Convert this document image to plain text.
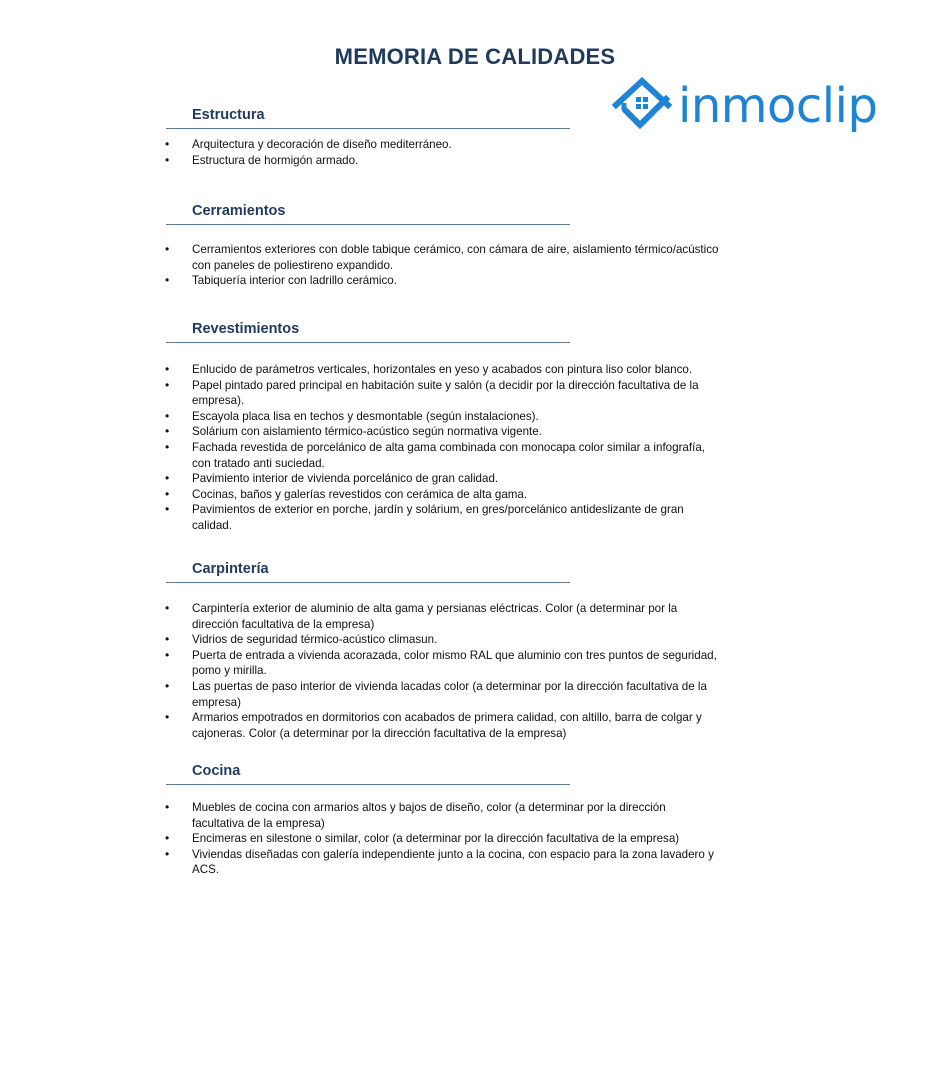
MEMORIA DE CALIDADES
inmoclip
Estructura
• Arquitectura y decoración de diseño mediterráneo.
• Estructura de hormigón armado.
Cerramientos
• Cerramientos exteriores con doble tabique cerámico, con cámara de aire, aislamiento térmico/acústico con paneles de poliestireno expandido.
• Tabiquería interior con ladrillo cerámico.
Revestimientos
• Enlucido de parámetros verticales, horizontales en yeso y acabados con pintura liso color blanco.
• Papel pintado pared principal en habitación suite y salón (a decidir por la dirección facultativa de la empresa).
• Escayola placa lisa en techos y desmontable (según instalaciones).
• Solárium con aislamiento térmico-acústico según normativa vigente.
• Fachada revestida de porcelánico de alta gama combinada con monocapa color similar a infografía, con tratado anti suciedad.
• Pavimiento interior de vivienda porcelánico de gran calidad.
• Cocinas, baños y galerías revestidos con cerámica de alta gama.
• Pavimientos de exterior en porche, jardín y solárium, en gres/porcelánico antideslizante de gran calidad.
Carpintería
• Carpintería exterior de aluminio de alta gama y persianas eléctricas. Color (a determinar por la dirección facultativa de la empresa)
• Vidrios de seguridad térmico-acústico climasun.
• Puerta de entrada a vivienda acorazada, color mismo RAL que aluminio con tres puntos de seguridad, pomo y mirilla.
• Las puertas de paso interior de vivienda lacadas color (a determinar por la dirección facultativa de la empresa)
• Armarios empotrados en dormitorios con acabados de primera calidad, con altillo, barra de colgar y cajoneras. Color (a determinar por la dirección facultativa de la empresa)
Cocina
• Muebles de cocina con armarios altos y bajos de diseño, color (a determinar por la dirección facultativa de la empresa)
• Encimeras en silestone o similar, color (a determinar por la dirección facultativa de la empresa)
• Viviendas diseñadas con galería independiente junto a la cocina, con espacio para la zona lavadero y ACS.
